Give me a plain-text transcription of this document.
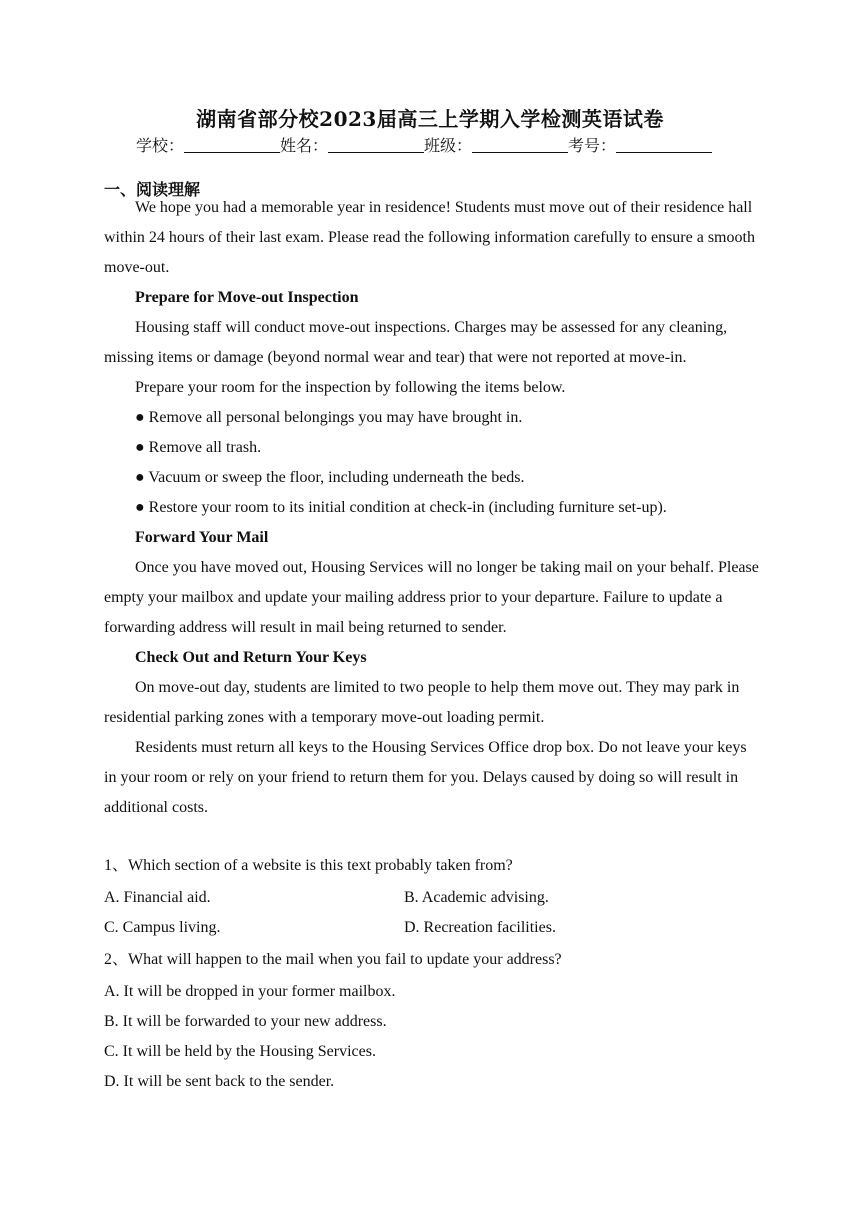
湖南省部分校2023届高三上学期入学检测英语试卷
学校：	姓名：	班级：	考号：
一、阅读理解

We hope you had a memorable year in residence! Students must move out of their residence hall within 24 hours of their last exam. Please read the following information carefully to ensure a smooth move-out.

Prepare for Move-out Inspection

Housing staff will conduct move-out inspections. Charges may be assessed for any cleaning, missing items or damage (beyond normal wear and tear) that were not reported at move-in.

Prepare your room for the inspection by following the items below.

● Remove all personal belongings you may have brought in.

● Remove all trash.

● Vacuum or sweep the floor, including underneath the beds.

● Restore your room to its initial condition at check-in (including furniture set-up).

Forward Your Mail

Once you have moved out, Housing Services will no longer be taking mail on your behalf. Please empty your mailbox and update your mailing address prior to your departure. Failure to update a forwarding address will result in mail being returned to sender.

Check Out and Return Your Keys

On move-out day, students are limited to two people to help them move out. They may park in residential parking zones with a temporary move-out loading permit.

Residents must return all keys to the Housing Services Office drop box. Do not leave your keys in your room or rely on your friend to return them for you. Delays caused by doing so will result in additional costs.

1、Which section of a website is this text probably taken from?
A. Financial aid.	B. Academic advising.
C. Campus living.	D. Recreation facilities.
2、What will happen to the mail when you fail to update your address?
A. It will be dropped in your former mailbox.
B. It will be forwarded to your new address.
C. It will be held by the Housing Services.
D. It will be sent back to the sender.
